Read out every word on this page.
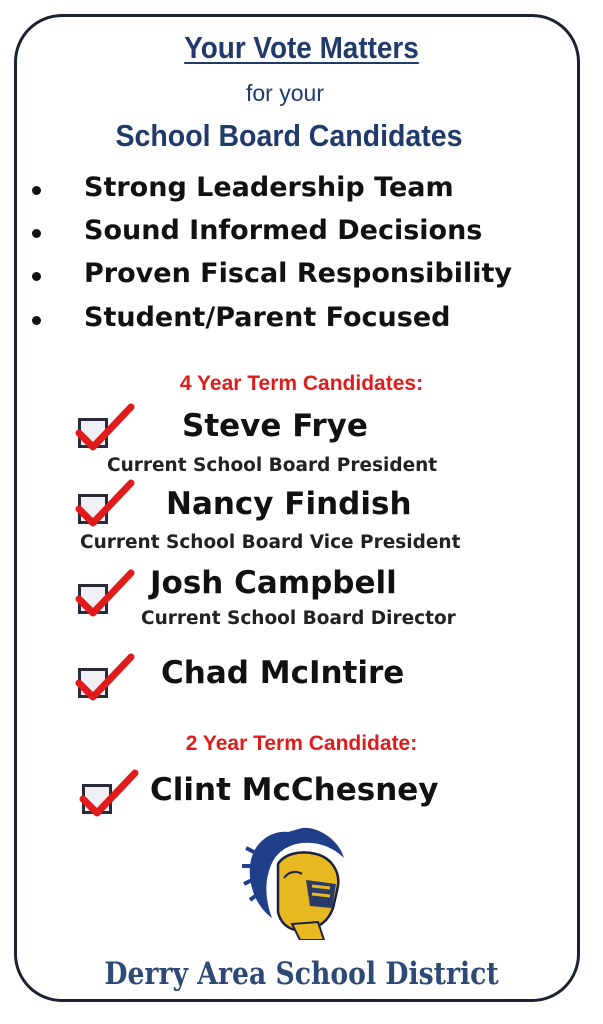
Your Vote Matters
for your
School Board Candidates
Strong Leadership Team
Sound Informed Decisions
Proven Fiscal Responsibility
Student/Parent Focused
4 Year Term Candidates:
Steve Frye
Current School Board President
Nancy Findish
Current School Board Vice President
Josh Campbell
Current School Board Director
Chad McIntire
2 Year Term Candidate:
Clint McChesney
Derry Area School District
